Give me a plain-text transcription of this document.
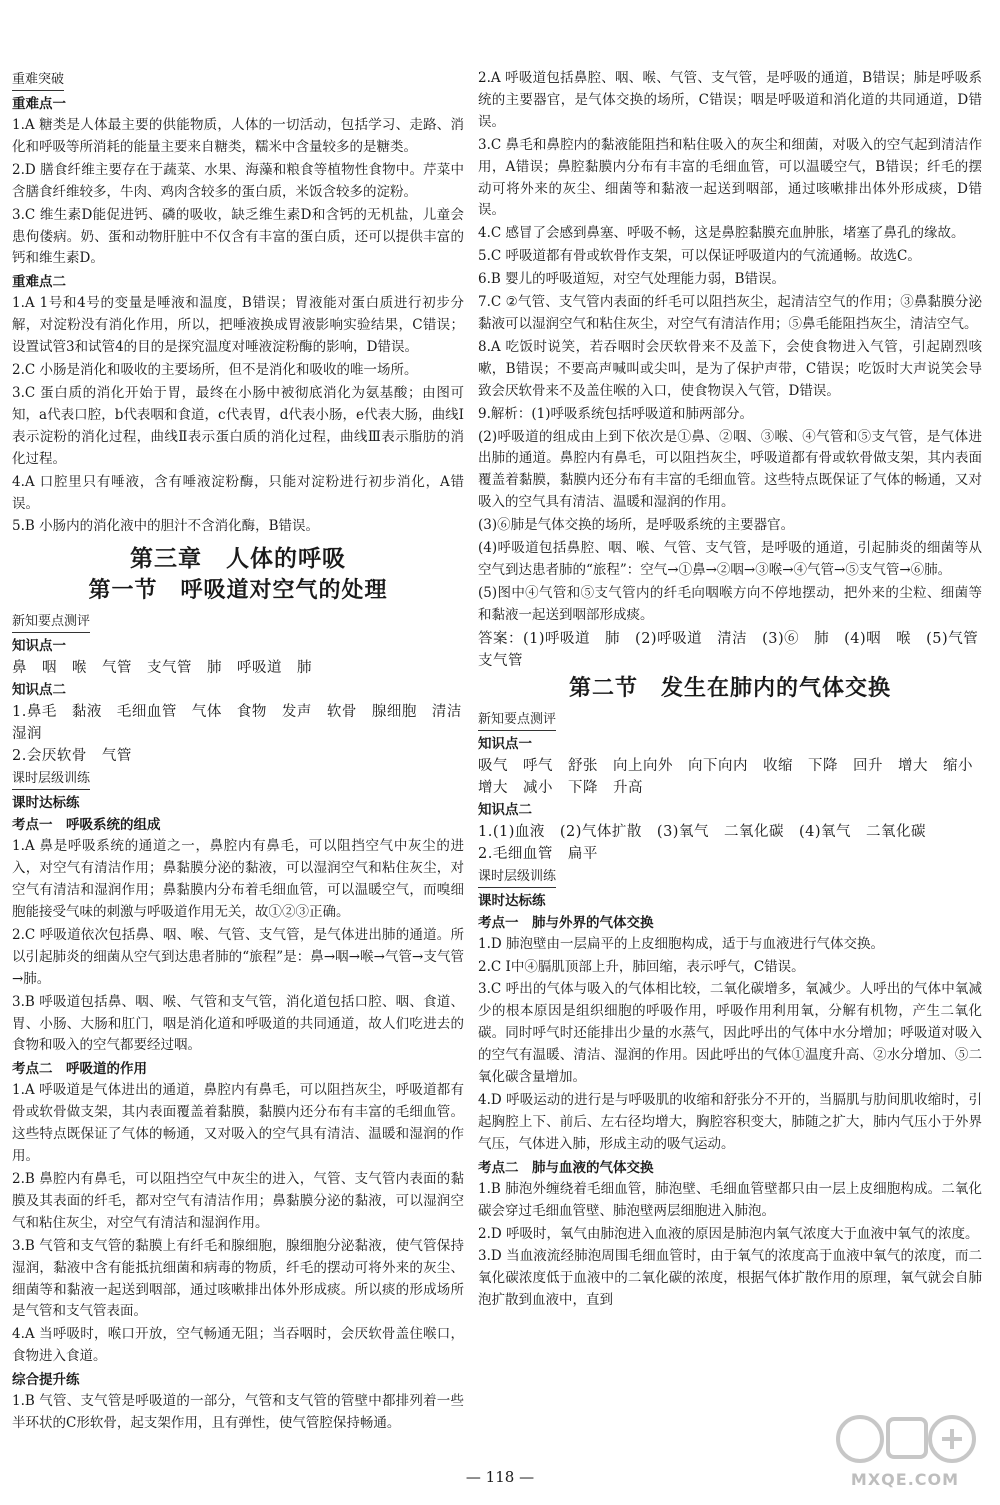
重难突破

重难点一
1.A 糖类是人体最主要的供能物质，人体的一切活动，包括学习、走路、消化和呼吸等所消耗的能量主要来自糖类，糯米中含量较多的是糖类。
2.D 膳食纤维主要存在于蔬菜、水果、海藻和粮食等植物性食物中。芹菜中含膳食纤维较多，牛肉、鸡肉含较多的蛋白质，米饭含较多的淀粉。
3.C 维生素D能促进钙、磷的吸收，缺乏维生素D和含钙的无机盐，儿童会患佝偻病。奶、蛋和动物肝脏中不仅含有丰富的蛋白质，还可以提供丰富的钙和维生素D。
重难点二
1.A 1号和4号的变量是唾液和温度，B错误；胃液能对蛋白质进行初步分解，对淀粉没有消化作用，所以，把唾液换成胃液影响实验结果，C错误；设置试管3和试管4的目的是探究温度对唾液淀粉酶的影响，D错误。
2.C 小肠是消化和吸收的主要场所，但不是消化和吸收的唯一场所。
3.C 蛋白质的消化开始于胃，最终在小肠中被彻底消化为氨基酸；由图可知，a代表口腔，b代表咽和食道，c代表胃，d代表小肠，e代表大肠，曲线Ⅰ表示淀粉的消化过程，曲线Ⅱ表示蛋白质的消化过程，曲线Ⅲ表示脂肪的消化过程。
4.A 口腔里只有唾液，含有唾液淀粉酶，只能对淀粉进行初步消化，A错误。
5.B 小肠内的消化液中的胆汁不含消化酶，B错误。
第三章　人体的呼吸
第一节　呼吸道对空气的处理
新知要点测评

知识点一
鼻　咽　喉　气管　支气管　肺　呼吸道　肺
知识点二
1.鼻毛　黏液　毛细血管　气体　食物　发声　软骨　腺细胞　清洁　湿润
2.会厌软骨　气管
课时层级训练

课时达标练
考点一　呼吸系统的组成
1.A 鼻是呼吸系统的通道之一，鼻腔内有鼻毛，可以阻挡空气中灰尘的进入，对空气有清洁作用；鼻黏膜分泌的黏液，可以湿润空气和粘住灰尘，对空气有清洁和湿润作用；鼻黏膜内分布着毛细血管，可以温暖空气，而嗅细胞能接受气味的刺激与呼吸道作用无关，故①②③正确。
2.C 呼吸道依次包括鼻、咽、喉、气管、支气管，是气体进出肺的通道。所以引起肺炎的细菌从空气到达患者肺的“旅程”是：鼻→咽→喉→气管→支气管→肺。
3.B 呼吸道包括鼻、咽、喉、气管和支气管，消化道包括口腔、咽、食道、胃、小肠、大肠和肛门，咽是消化道和呼吸道的共同通道，故人们吃进去的食物和吸入的空气都要经过咽。
考点二　呼吸道的作用
1.A 呼吸道是气体进出的通道，鼻腔内有鼻毛，可以阻挡灰尘，呼吸道都有骨或软骨做支架，其内表面覆盖着黏膜，黏膜内还分布有丰富的毛细血管。这些特点既保证了气体的畅通，又对吸入的空气具有清洁、温暖和湿润的作用。
2.B 鼻腔内有鼻毛，可以阻挡空气中灰尘的进入，气管、支气管内表面的黏膜及其表面的纤毛，都对空气有清洁作用；鼻黏膜分泌的黏液，可以湿润空气和粘住灰尘，对空气有清洁和湿润作用。
3.B 气管和支气管的黏膜上有纤毛和腺细胞，腺细胞分泌黏液，使气管保持湿润，黏液中含有能抵抗细菌和病毒的物质，纤毛的摆动可将外来的灰尘、细菌等和黏液一起送到咽部，通过咳嗽排出体外形成痰。所以痰的形成场所是气管和支气管表面。
4.A 当呼吸时，喉口开放，空气畅通无阻；当吞咽时，会厌软骨盖住喉口，食物进入食道。
综合提升练
1.B 气管、支气管是呼吸道的一部分，气管和支气管的管壁中都排列着一些半环状的C形软骨，起支架作用，且有弹性，使气管腔保持畅通。
2.A 呼吸道包括鼻腔、咽、喉、气管、支气管，是呼吸的通道，B错误；肺是呼吸系统的主要器官，是气体交换的场所，C错误；咽是呼吸道和消化道的共同通道，D错误。
3.C 鼻毛和鼻腔内的黏液能阻挡和粘住吸入的灰尘和细菌，对吸入的空气起到清洁作用，A错误；鼻腔黏膜内分布有丰富的毛细血管，可以温暖空气，B错误；纤毛的摆动可将外来的灰尘、细菌等和黏液一起送到咽部，通过咳嗽排出体外形成痰，D错误。
4.C 感冒了会感到鼻塞、呼吸不畅，这是鼻腔黏膜充血肿胀，堵塞了鼻孔的缘故。
5.C 呼吸道都有骨或软骨作支架，可以保证呼吸道内的气流通畅。故选C。
6.B 婴儿的呼吸道短，对空气处理能力弱，B错误。
7.C ②气管、支气管内表面的纤毛可以阻挡灰尘，起清洁空气的作用；③鼻黏膜分泌黏液可以湿润空气和粘住灰尘，对空气有清洁作用；⑤鼻毛能阻挡灰尘，清洁空气。
8.A 吃饭时说笑，若吞咽时会厌软骨来不及盖下，会使食物进入气管，引起剧烈咳嗽，B错误；不要高声喊叫或尖叫，是为了保护声带，C错误；吃饭时大声说笑会导致会厌软骨来不及盖住喉的入口，使食物误入气管，D错误。
9.解析：(1)呼吸系统包括呼吸道和肺两部分。
(2)呼吸道的组成由上到下依次是①鼻、②咽、③喉、④气管和⑤支气管，是气体进出肺的通道。鼻腔内有鼻毛，可以阻挡灰尘，呼吸道都有骨或软骨做支架，其内表面覆盖着黏膜，黏膜内还分布有丰富的毛细血管。这些特点既保证了气体的畅通，又对吸入的空气具有清洁、温暖和湿润的作用。
(3)⑥肺是气体交换的场所，是呼吸系统的主要器官。
(4)呼吸道包括鼻腔、咽、喉、气管、支气管，是呼吸的通道，引起肺炎的细菌等从空气到达患者肺的“旅程”：空气→①鼻→②咽→③喉→④气管→⑤支气管→⑥肺。
(5)图中④气管和⑤支气管内的纤毛向咽喉方向不停地摆动，把外来的尘粒、细菌等和黏液一起送到咽部形成痰。
答案：(1)呼吸道　肺　(2)呼吸道　清洁　(3)⑥　肺　(4)咽　喉　(5)气管　支气管
第二节　发生在肺内的气体交换
新知要点测评

知识点一
吸气　呼气　舒张　向上向外　向下向内　收缩　下降　回升　增大　缩小　增大　减小　下降　升高
知识点二
1.(1)血液　(2)气体扩散　(3)氧气　二氧化碳　(4)氧气　二氧化碳
2.毛细血管　扁平
课时层级训练

课时达标练
考点一　肺与外界的气体交换
1.D 肺泡壁由一层扁平的上皮细胞构成，适于与血液进行气体交换。
2.C Ⅰ中④膈肌顶部上升，肺回缩，表示呼气，C错误。
3.C 呼出的气体与吸入的气体相比较，二氧化碳增多，氧减少。人呼出的气体中氧减少的根本原因是组织细胞的呼吸作用，呼吸作用利用氧，分解有机物，产生二氧化碳。同时呼气时还能排出少量的水蒸气，因此呼出的气体中水分增加；呼吸道对吸入的空气有温暖、清洁、湿润的作用。因此呼出的气体①温度升高、②水分增加、⑤二氧化碳含量增加。
4.D 呼吸运动的进行是与呼吸肌的收缩和舒张分不开的，当膈肌与肋间肌收缩时，引起胸腔上下、前后、左右径均增大，胸腔容积变大，肺随之扩大，肺内气压小于外界气压，气体进入肺，形成主动的吸气运动。
考点二　肺与血液的气体交换
1.B 肺泡外缠绕着毛细血管，肺泡壁、毛细血管壁都只由一层上皮细胞构成。二氧化碳会穿过毛细血管壁、肺泡壁两层细胞进入肺泡。
2.D 呼吸时，氧气由肺泡进入血液的原因是肺泡内氧气浓度大于血液中氧气的浓度。
3.D 当血液流经肺泡周围毛细血管时，由于氧气的浓度高于血液中氧气的浓度，而二氧化碳浓度低于血液中的二氧化碳的浓度，根据气体扩散作用的原理，氧气就会自肺泡扩散到血液中，直到
— 118 —	MXQE.COM
